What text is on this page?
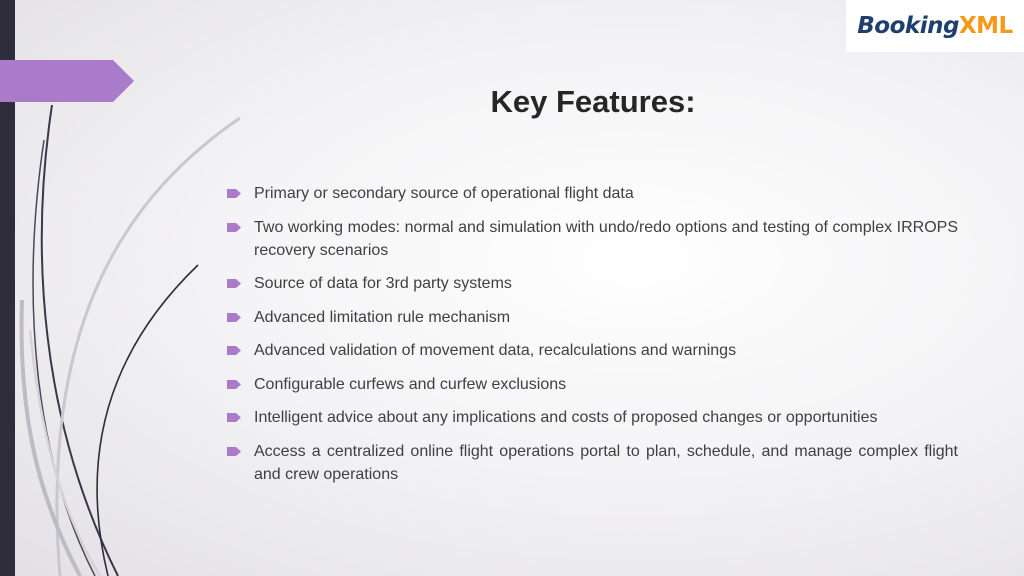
BookingXML
Key Features:
Primary or secondary source of operational flight data
Two working modes: normal and simulation with undo/redo options and testing of complex IRROPS recovery scenarios
Source of data for 3rd party systems
Advanced limitation rule mechanism
Advanced validation of movement data, recalculations and warnings
Configurable curfews and curfew exclusions
Intelligent advice about any implications and costs of proposed changes or opportunities
Access a centralized online flight operations portal to plan, schedule, and manage complex flight and crew operations
